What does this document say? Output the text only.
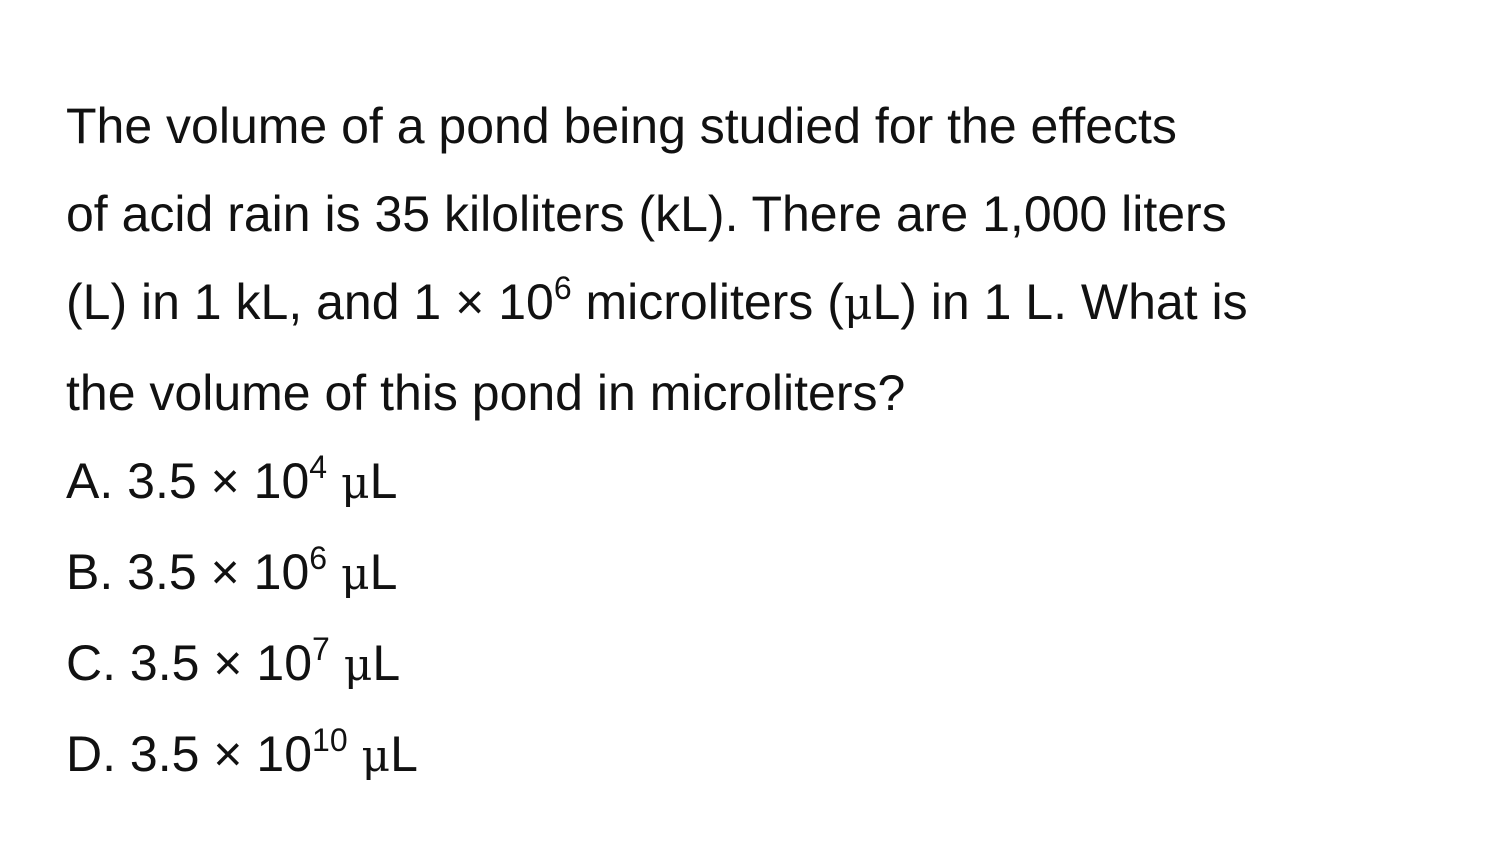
The volume of a pond being studied for the effects
of acid rain is 35 kiloliters (kL). There are 1,000 liters
(L) in 1 kL, and $1 \times 10^6$ microliters (μL) in 1 L. What is
the volume of this pond in microliters?
A. $3.5 \times 10^4$ μL
B. $3.5 \times 10^6$ μL
C. $3.5 \times 10^7$ μL
D. $3.5 \times 10^{10}$ μL
